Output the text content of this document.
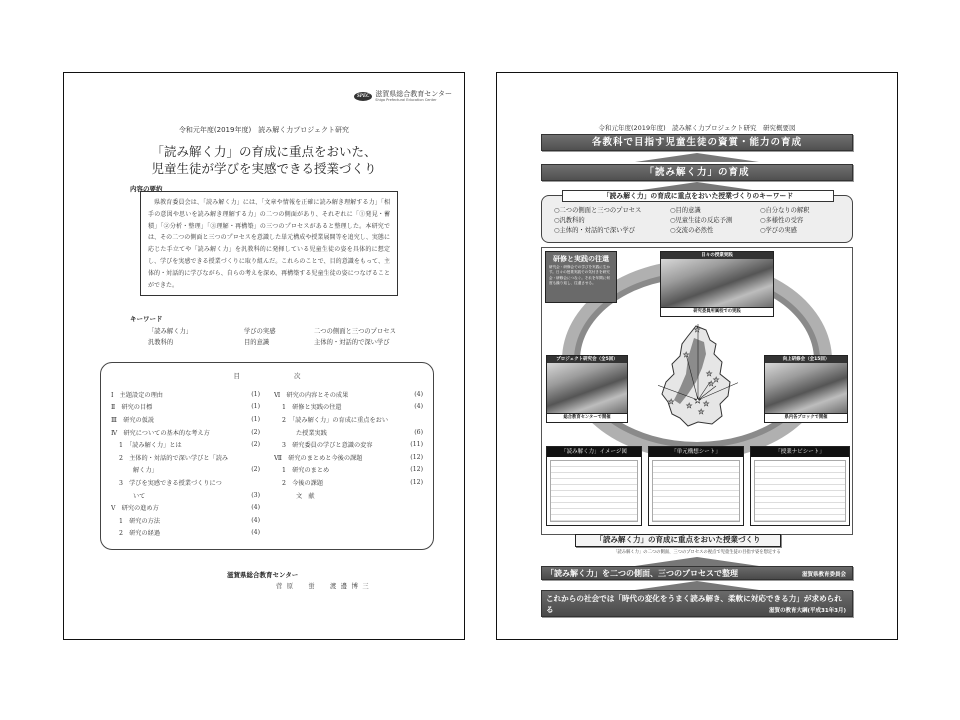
SPEC 滋賀県総合教育センター
Shiga Prefectural Education Center
令和元年度(2019年度)　読み解く力プロジェクト研究
「読み解く力」の育成に重点をおいた、
児童生徒が学びを実感できる授業づくり
内容の要約
県教育委員会は、「読み解く力」には、「文章や情報を正確に読み解き理解する力」「相手の意図や思いを読み解き理解する力」の二つの側面があり、それぞれに「①発見・蓄積」「②分析・整理」「③理解・再構築」の三つのプロセスがあると整理した。本研究では、その二つの側面と三つのプロセスを意識した単元構成や授業展開等を追究し、実態に応じた手立てや「読み解く力」を汎教科的に発揮している児童生徒の姿を具体的に想定し、学びを実感できる授業づくりに取り組んだ。これらのことで、目的意識をもって、主体的・対話的に学びながら、自らの考えを深め、再構築する児童生徒の姿につなげることができた。
キーワード
「読み解く力」	学びの実感	二つの側面と三つのプロセス
汎教科的	目的意識	主体的・対話的で深い学び
目次
Ⅰ　主題設定の理由	(1)
Ⅱ　研究の目標	(1)
Ⅲ　研究の仮説	(1)
Ⅳ　研究についての基本的な考え方	(2)
1　「読み解く力」とは	(2)
2　主体的・対話的で深い学びと「読み
解く力」	(2)
3　学びを実感できる授業づくりにつ
いて	(3)
Ⅴ　研究の進め方	(4)
1　研究の方法	(4)
2　研究の経過	(4)
Ⅵ　研究の内容とその成果	(4)
1　研修と実践の往還	(4)
2　「読み解く力」の育成に重点をおい
た授業実践	(6)
3　研究委員の学びと意識の変容	(11)
Ⅶ　研究のまとめと今後の課題	(12)
1　研究のまとめ	(12)
2　今後の課題	(12)
文　献
滋賀県総合教育センター
菅原　蛍　渡邊博三
令和元年度(2019年度)　読み解く力プロジェクト研究　研究概要図
各教科で目指す児童生徒の資質・能力の育成
「読み解く力」の育成
「読み解く力」の育成に重点をおいた授業づくりのキーワード
○二つの側面と三つのプロセス	○目的意識	○自分なりの解釈
○汎教科的	○児童生徒の反応予測	○多様性の受容
○主体的・対話的で深い学び	○交流の必然性	○学びの実感
★
★
★
★
★ ★ ★
★
★
★
研修と実践の往還
研究会・研修会での学びを実践に生かす。日々の授業実践での気付きを研究会・研修会につなぐ。それを年間に何度も繰り返し、往還させる。
日々の授業実践
研究委員所属校での実践
プロジェクト研究会（全5回）
総合教育センターで開催
向上研修会（全15回）
県内各ブロックで開催
「読み解く力」イメージ図	「単元構想シート」	「授業ナビシート」
「読み解く力」の育成に重点をおいた授業づくり
「読み解く力」の二つの側面、三つのプロセスの視点で児童生徒の目指す姿を想定する
「読み解く力」を二つの側面、三つのプロセスで整理	滋賀県教育委員会
これからの社会では「時代の変化をうまく読み解き、柔軟に対応できる力」が求められる	滋賀の教育大綱(平成31年3月)
